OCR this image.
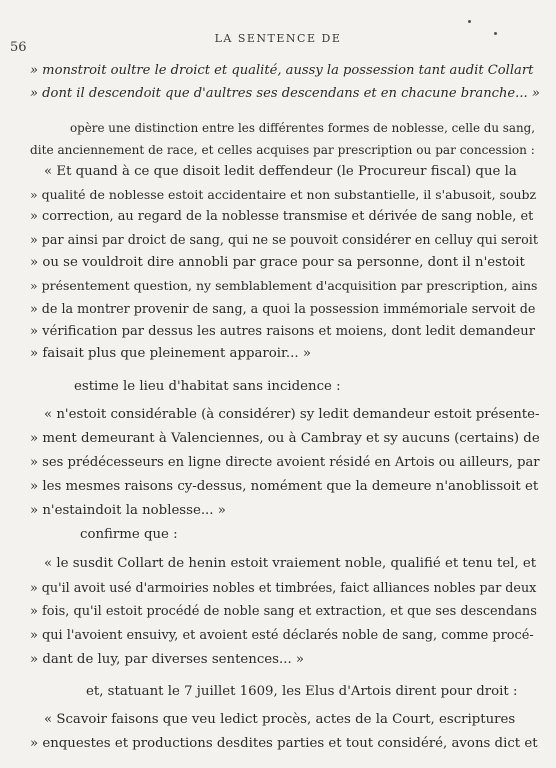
56
LA SENTENCE DE
» monstroit oultre le droict et qualité, aussy la possession tant audit Collart
» dont il descendoit que d'aultres ses descendans et en chacune branche... »
opère une distinction entre les différentes formes de noblesse, celle du sang,
dite anciennement de race, et celles acquises par prescription ou par concession :
« Et quand à ce que disoit ledit deffendeur (le Procureur fiscal) que la
» qualité de noblesse estoit accidentaire et non substantielle, il s'abusoit, soubz
» correction, au regard de la noblesse transmise et dérivée de sang noble, et
» par ainsi par droict de sang, qui ne se pouvoit considérer en celluy qui seroit
» ou se vouldroit dire annobli par grace pour sa personne, dont il n'estoit
» présentement question, ny semblablement d'acquisition par prescription, ains
» de la montrer provenir de sang, a quoi la possession immémoriale servoit de
» vérification par dessus les autres raisons et moiens, dont ledit demandeur
» faisait plus que pleinement apparoir... »
estime le lieu d'habitat sans incidence :
« n'estoit considérable (à considérer) sy ledit demandeur estoit présente-
» ment demeurant à Valenciennes, ou à Cambray et sy aucuns (certains) de
» ses prédécesseurs en ligne directe avoient résidé en Artois ou ailleurs, par
» les mesmes raisons cy-dessus, nomément que la demeure n'anoblissoit et
» n'estaindoit la noblesse... »
confirme que :
« le susdit Collart de henin estoit vraiement noble, qualifié et tenu tel, et
» qu'il avoit usé d'armoiries nobles et timbrées, faict alliances nobles par deux
» fois, qu'il estoit procédé de noble sang et extraction, et que ses descendans
» qui l'avoient ensuivy, et avoient esté déclarés noble de sang, comme procé-
» dant de luy, par diverses sentences... »
et, statuant le 7 juillet 1609, les Elus d'Artois dirent pour droit :
« Scavoir faisons que veu ledict procès, actes de la Court, escriptures
» enquestes et productions desdites parties et tout considéré, avons dict et
